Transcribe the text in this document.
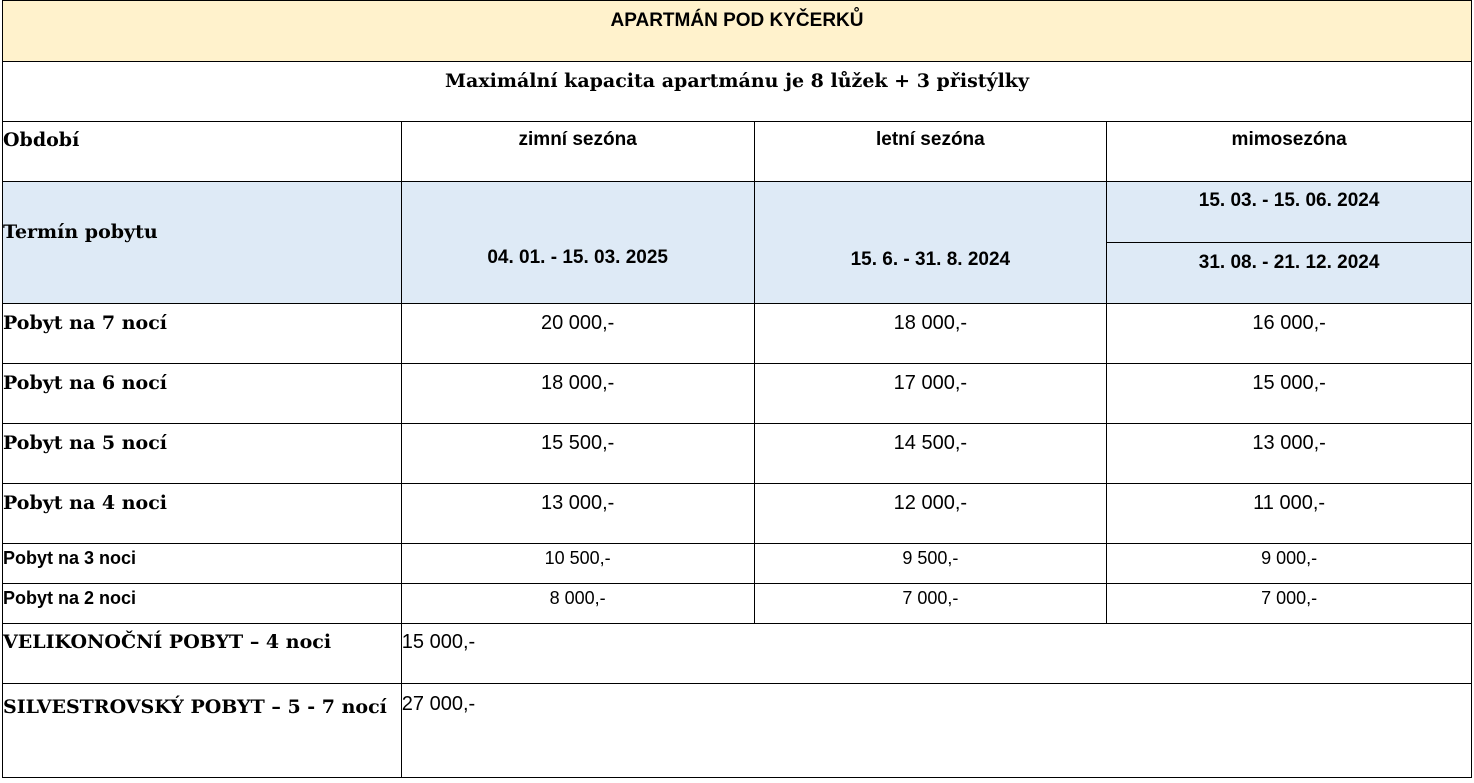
APARTMÁN POD KYČERKŮ			

Maximální kapacita apartmánu je 8 lůžek + 3 přistýlky			

Období	zimní sezóna	letní sezóna	mimosezóna

Termín pobytu	04. 01. - 15. 03. 2025	15. 6. - 31. 8. 2024	15. 03. - 15. 06. 2024

			31. 08. - 21. 12. 2024

Pobyt na 7 nocí	20 000,-	18 000,-	16 000,-

Pobyt na 6 nocí	18 000,-	17 000,-	15 000,-

Pobyt na 5 nocí	15 500,-	14 500,-	13 000,-

Pobyt na 4 noci	13 000,-	12 000,-	11 000,-

Pobyt na 3 noci	10 500,-	9 500,-	9 000,-

Pobyt na 2 noci	8 000,-	7 000,-	7 000,-

VELIKONOČNÍ POBYT – 4 noci	15 000,-		

SILVESTROVSKÝ POBYT – 5 - 7 nocí	27 000,-		
